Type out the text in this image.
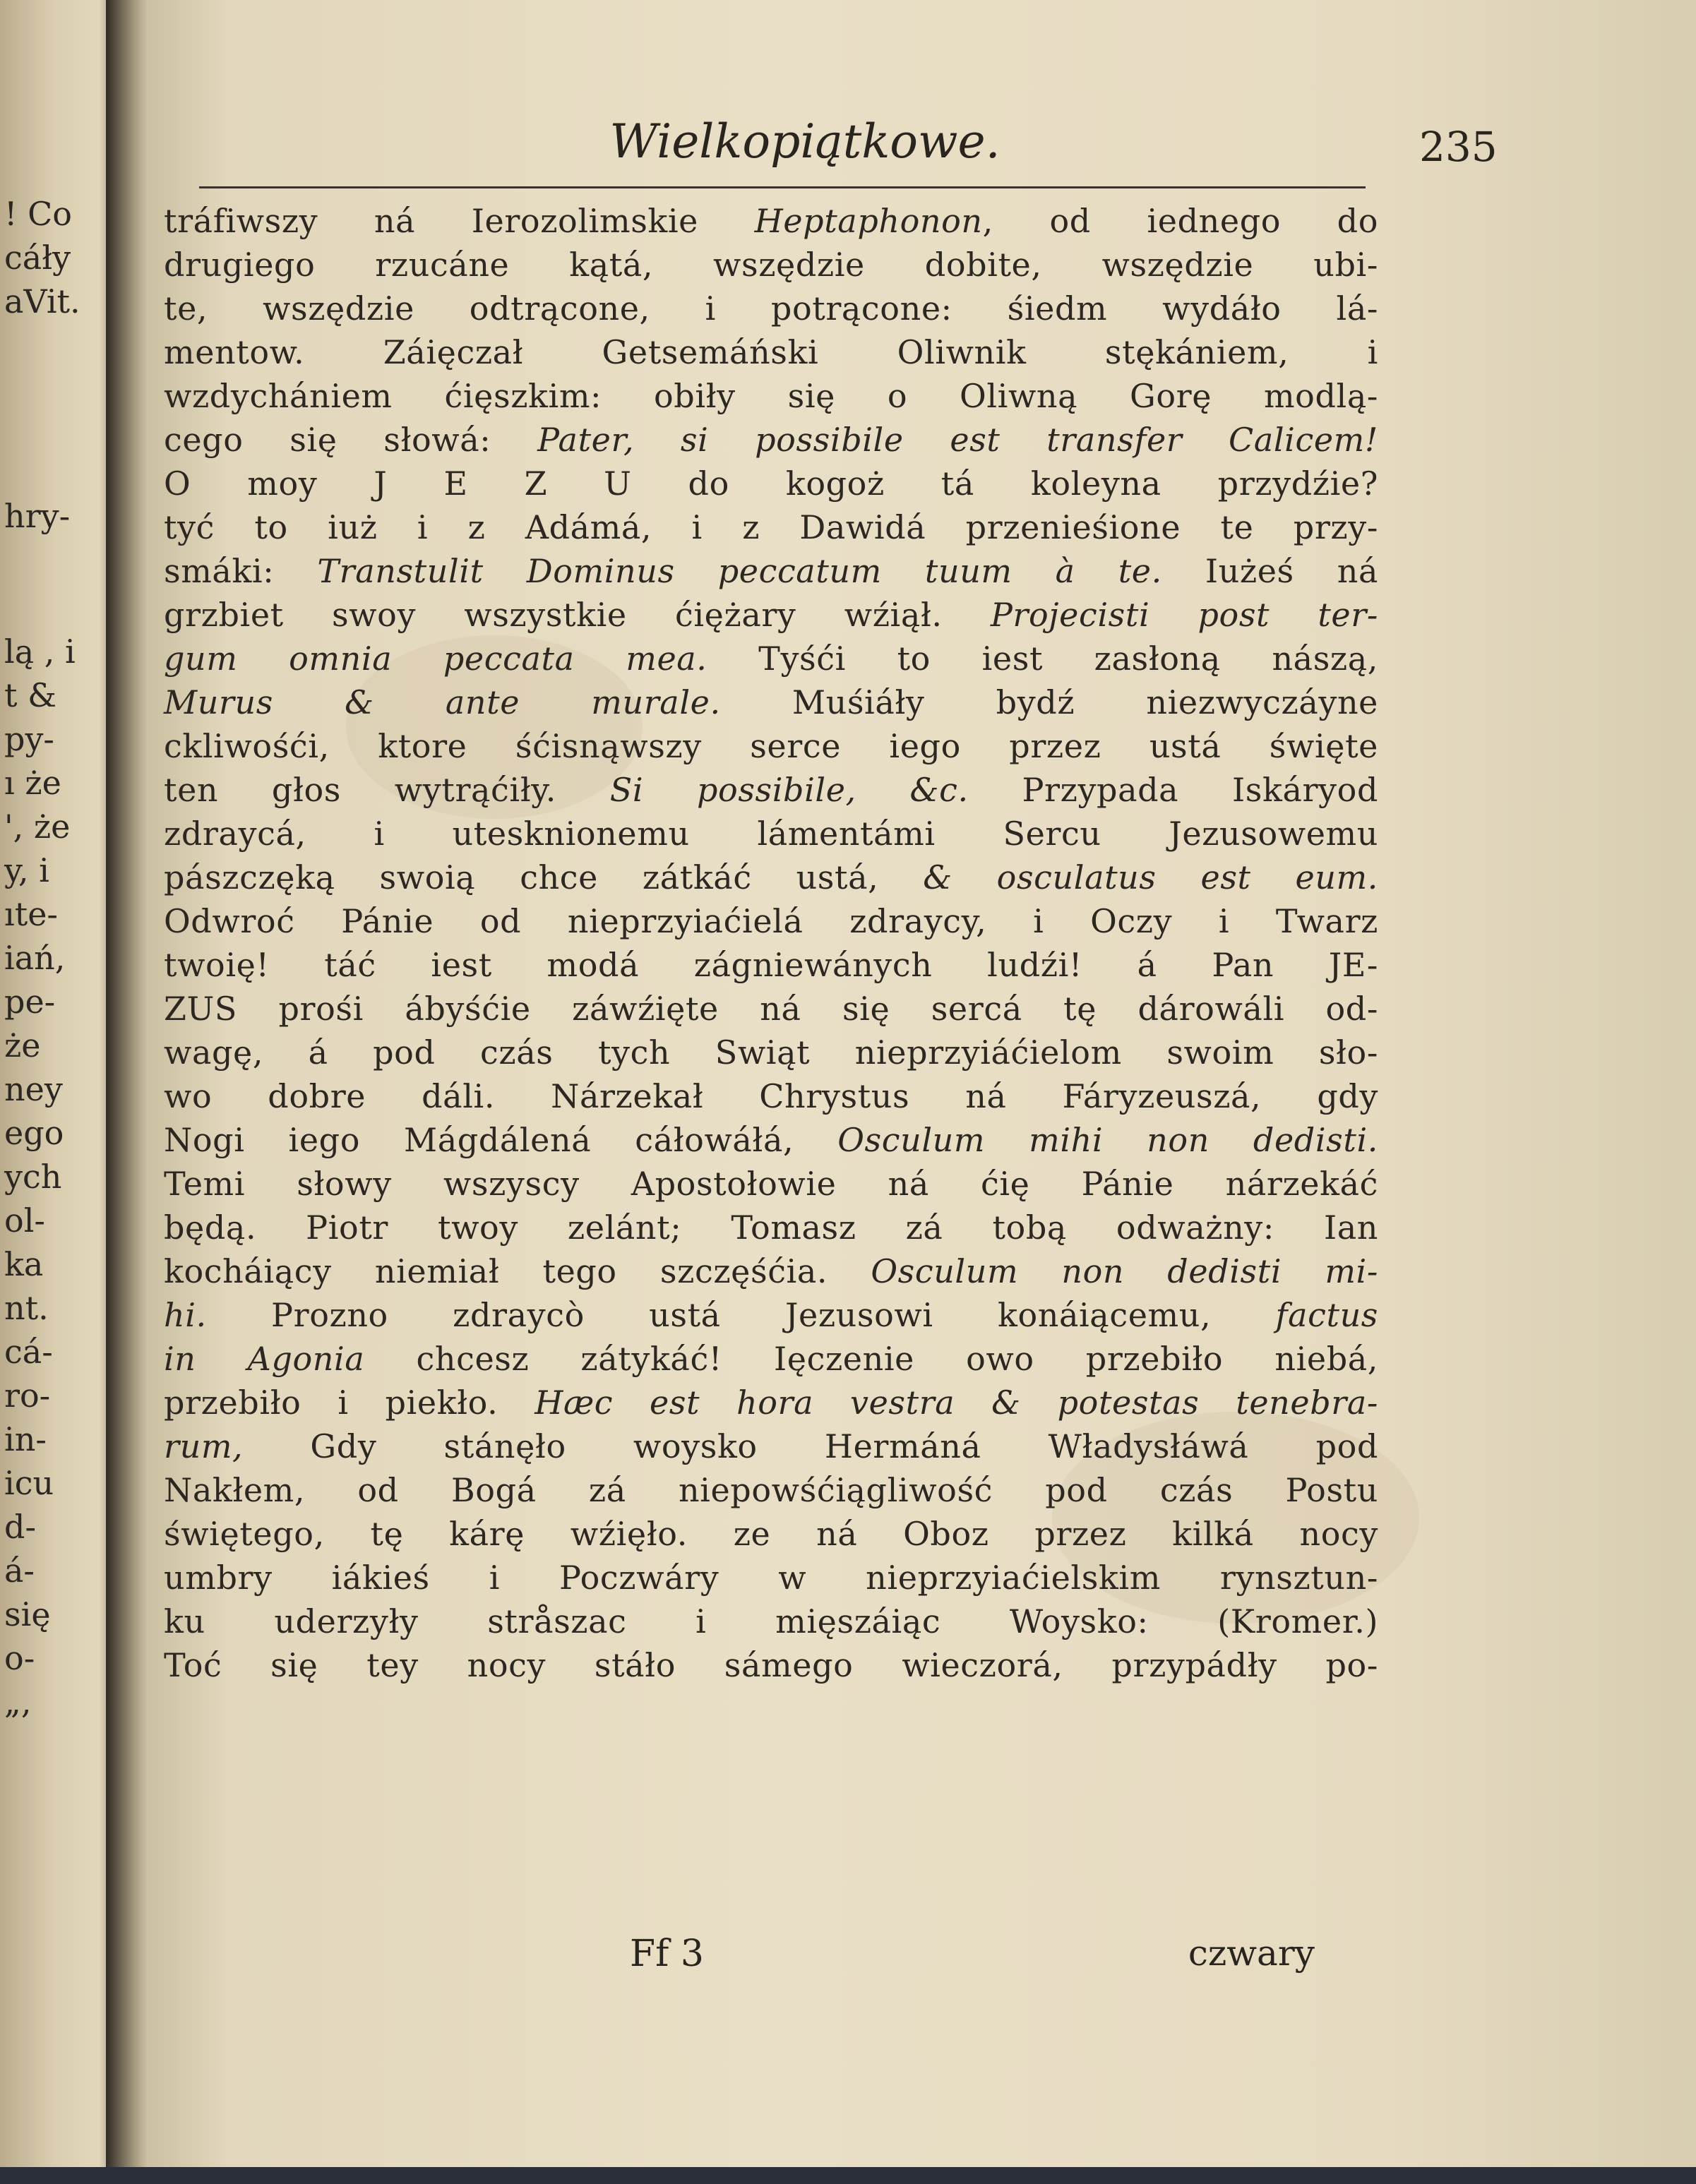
! Co
cáły
aVit.
hry-
lą , i
t &
py-
ı że
', że
y, i
ıte-
iań,
pe-
że
ney
ego
ych
ol-
ka
nt.
cá-
ro-
in-
icu
d-
á-
się
o-
„,
Wielkopiątkowe.	235
tráfiwszy ná Ierozolimskie Heptaphonon, od iednego do
drugiego rzucáne kątá, wszędzie dobite, wszędzie ubi-
te, wszędzie odtrącone, i potrącone: śiedm wydáło lá-
mentow. Záięczał Getsemáński Oliwnik stękániem, i
wzdychániem ćięszkim: obiły się o Oliwną Gorę modlą-
cego się słowá: Pater, si possibile est transfer Calicem!
O moy J E Z U do kogoż tá koleyna przydźie?
tyć to iuż i z Adámá, i z Dawidá przenieśione te przy-
smáki: Transtulit Dominus peccatum tuum à te. Iużeś ná
grzbiet swoy wszystkie ćiężary wźiął. Projecisti post ter-
gum omnia peccata mea. Tyśći to iest zasłoną nászą,
Murus & ante murale. Muśiáły bydź niezwyczáyne
ckliwośći, ktore śćisnąwszy serce iego przez ustá święte
ten głos wytrąćiły. Si possibile, &c. Przypada Iskáryod
zdraycá, i utesknionemu lámentámi Sercu Jezusowemu
pászczęką swoią chce zátkáć ustá, & osculatus est eum.
Odwroć Pánie od nieprzyiaćielá zdraycy, i Oczy i Twarz
twoię! táć iest modá zágniewánych ludźi! á Pan JE-
ZUS prośi ábyśćie záwźięte ná się sercá tę dárowáli od-
wagę, á pod czás tych Swiąt nieprzyiáćielom swoim sło-
wo dobre dáli. Nárzekał Chrystus ná Fáryzeuszá, gdy
Nogi iego Mágdálená cáłowáłá, Osculum mihi non dedisti.
Temi słowy wszyscy Apostołowie ná ćię Pánie nárzekáć
będą. Piotr twoy zelánt; Tomasz zá tobą odważny: Ian
kocháiący niemiał tego szczęśćia. Osculum non dedisti mi-
hi. Prozno zdraycò ustá Jezusowi konáiącemu, factus
in Agonia chcesz zátykáć! Ięczenie owo przebiło niebá,
przebiło i piekło. Hæc est hora vestra & potestas tenebra-
rum, Gdy stánęło woysko Hermáná Władysłáwá pod
Nakłem, od Bogá zá niepowśćiągliwość pod czás Postu
świętego, tę kárę wźięło. ze ná Oboz przez kilká nocy
umbry iákieś i Poczwáry w nieprzyiaćielskim rynsztun-
ku uderzyły stråszac i mięszáiąc Woysko: (Kromer.)
Toć się tey nocy stáło sámego wieczorá, przypádły po-
Ff 3	czwary
